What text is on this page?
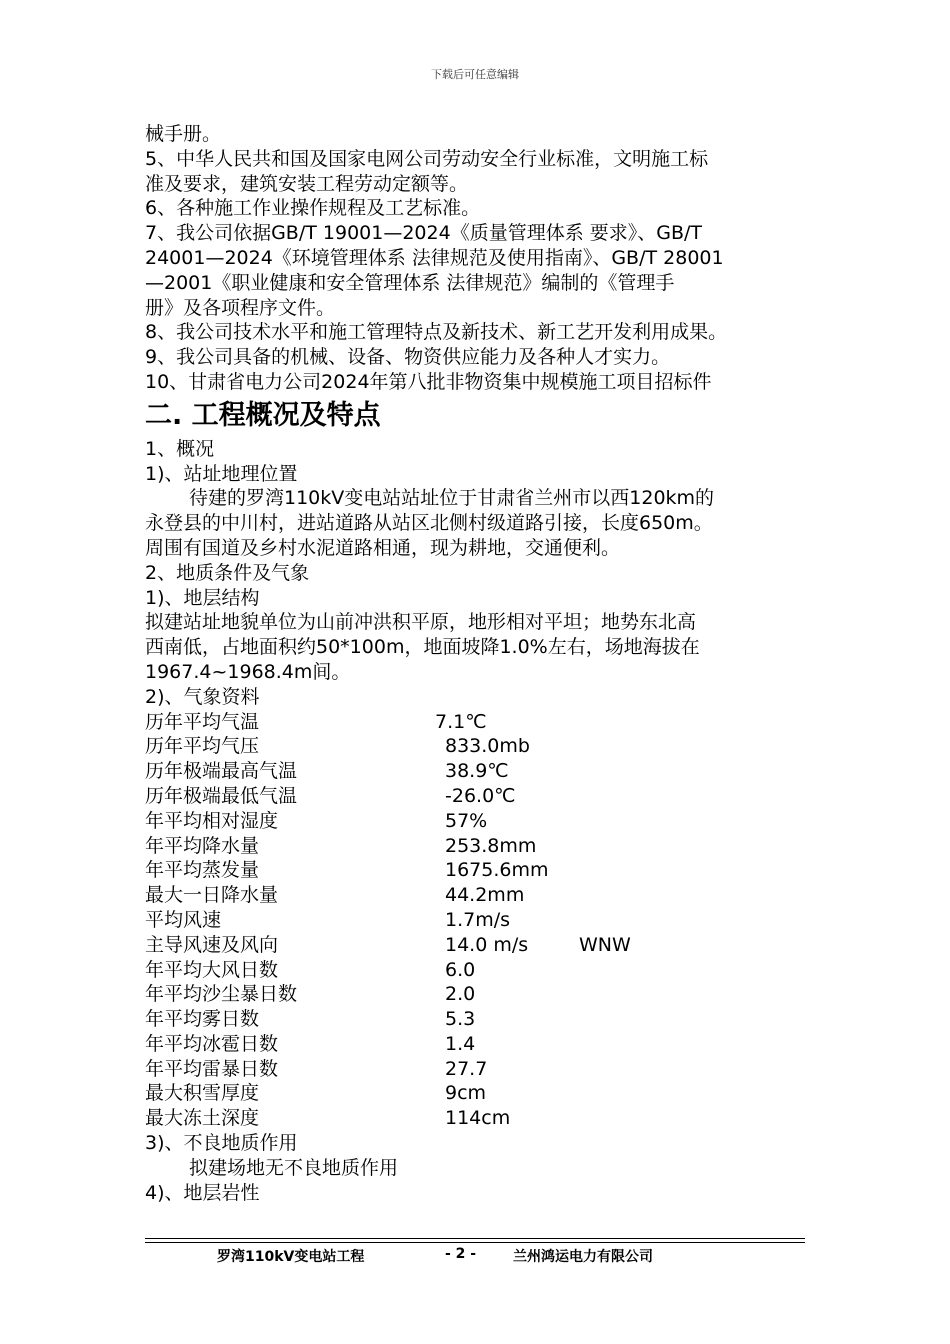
下载后可任意编辑
械手册。
5、中华人民共和国及国家电网公司劳动安全行业标准，文明施工标
准及要求，建筑安装工程劳动定额等。
6、各种施工作业操作规程及工艺标准。
7、我公司依据GB/T 19001—2024《质量管理体系 要求》、GB/T
24001—2024《环境管理体系 法律规范及使用指南》、GB/T 28001
—2001《职业健康和安全管理体系 法律规范》编制的《管理手
册》及各项程序文件。
8、我公司技术水平和施工管理特点及新技术、新工艺开发利用成果。
9、我公司具备的机械、设备、物资供应能力及各种人才实力。
10、甘肃省电力公司2024年第八批非物资集中规模施工项目招标件
二. 工程概况及特点
1、概况
1)、站址地理位置
待建的罗湾110kV变电站站址位于甘肃省兰州市以西120km的
永登县的中川村，进站道路从站区北侧村级道路引接，长度650m。
周围有国道及乡村水泥道路相通，现为耕地，交通便利。
2、地质条件及气象
1)、地层结构
拟建站址地貌单位为山前冲洪积平原，地形相对平坦；地势东北高
西南低，占地面积约50*100m，地面坡降1.0%左右，场地海拔在
1967.4~1968.4m间。
2)、气象资料
历年平均气温	7.1℃
历年平均气压	833.0mb
历年极端最高气温	38.9℃
历年极端最低气温	-26.0℃
年平均相对湿度	57%
年平均降水量	253.8mm
年平均蒸发量	1675.6mm
最大一日降水量	44.2mm
平均风速	1.7m/s
主导风速及风向	14.0 m/s	WNW
年平均大风日数	6.0
年平均沙尘暴日数	2.0
年平均雾日数	5.3
年平均冰雹日数	1.4
年平均雷暴日数	27.7
最大积雪厚度	9cm
最大冻土深度	114cm
3)、不良地质作用
拟建场地无不良地质作用
4)、地层岩性
罗湾110kV变电站工程	- 2 -	兰州鸿运电力有限公司
